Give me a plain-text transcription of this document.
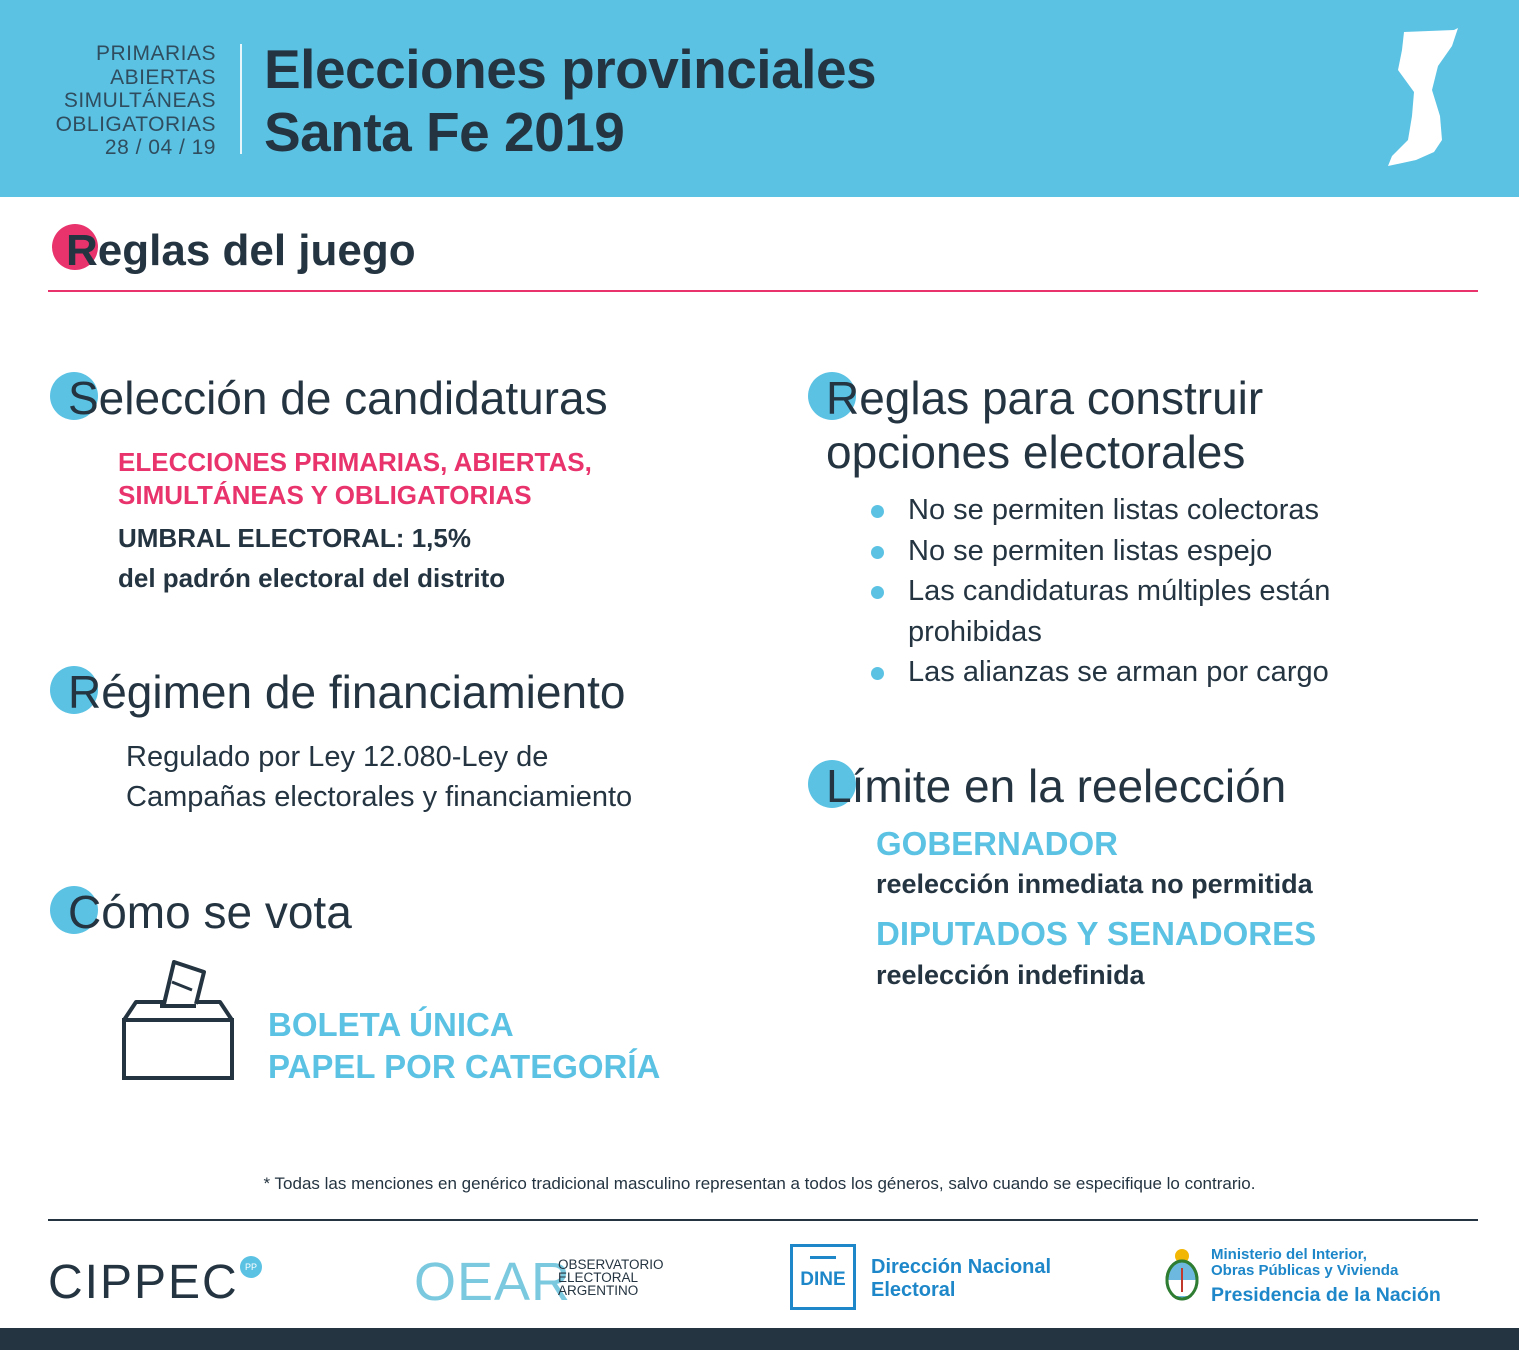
PRIMARIAS
ABIERTAS
SIMULTÁNEAS
OBLIGATORIAS
28 / 04 / 19
Elecciones provinciales
Santa Fe 2019
Reglas del juego
Selección de candidaturas
ELECCIONES PRIMARIAS, ABIERTAS,
SIMULTÁNEAS Y OBLIGATORIAS
UMBRAL ELECTORAL: 1,5%
del padrón electoral del distrito
Régimen de financiamiento
Regulado por Ley 12.080-Ley de
Campañas electorales y financiamiento
Cómo se vota
BOLETA ÚNICA
PAPEL POR CATEGORÍA
Reglas para construir
opciones electorales
No se permiten listas colectoras
No se permiten listas espejo
Las candidaturas múltiples están prohibidas
Las alianzas se arman por cargo
Límite en la reelección
GOBERNADOR
reelección inmediata no permitida
DIPUTADOS Y SENADORES
reelección indefinida
* Todas las menciones en genérico tradicional masculino representan a todos los géneros, salvo cuando se especifique lo contrario.
CIPPEC PP	OEAR
OBSERVATORIO
ELECTORAL
ARGENTINO
DINE
Dirección Nacional
Electoral
Ministerio del Interior,
Obras Públicas y Vivienda
Presidencia de la Nación
